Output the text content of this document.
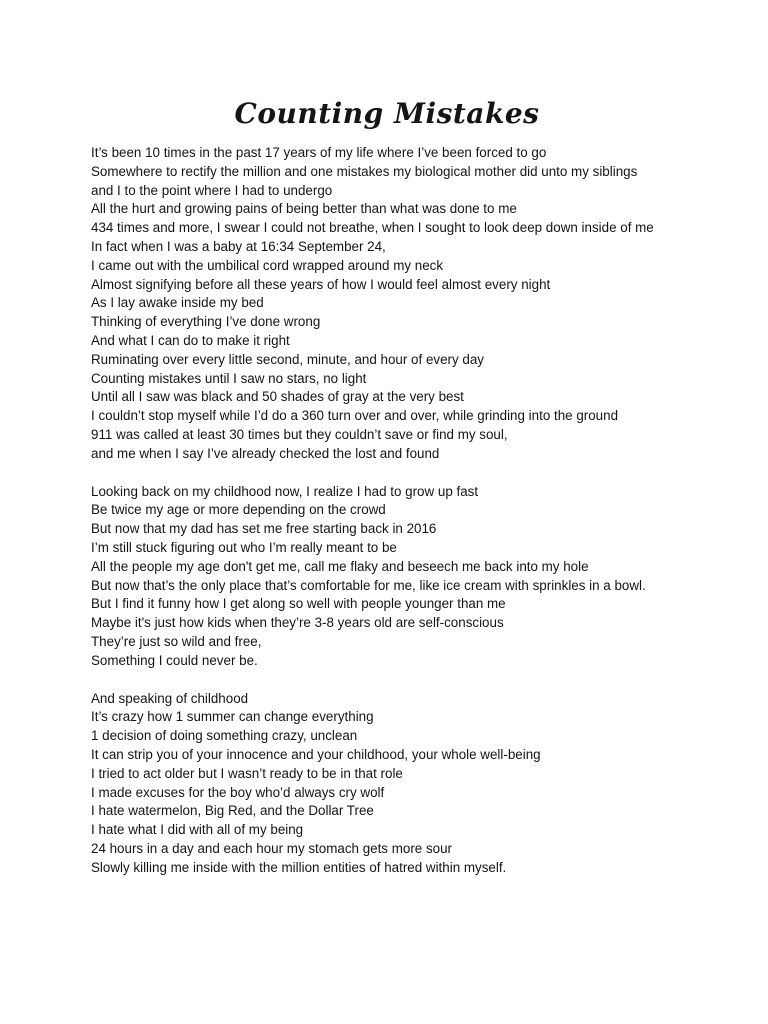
Counting Mistakes
It’s been 10 times in the past 17 years of my life where I’ve been forced to go
Somewhere to rectify the million and one mistakes my biological mother did unto my siblings
and I to the point where I had to undergo
All the hurt and growing pains of being better than what was done to me
434 times and more, I swear I could not breathe, when I sought to look deep down inside of me
In fact when I was a baby at 16:34 September 24,
I came out with the umbilical cord wrapped around my neck
Almost signifying before all these years of how I would feel almost every night
As I lay awake inside my bed
Thinking of everything I’ve done wrong
And what I can do to make it right
Ruminating over every little second, minute, and hour of every day
Counting mistakes until I saw no stars, no light
Until all I saw was black and 50 shades of gray at the very best
I couldn’t stop myself while I’d do a 360 turn over and over, while grinding into the ground
911 was called at least 30 times but they couldn’t save or find my soul,
and me when I say I’ve already checked the lost and found
Looking back on my childhood now, I realize I had to grow up fast
Be twice my age or more depending on the crowd
But now that my dad has set me free starting back in 2016
I’m still stuck figuring out who I’m really meant to be
All the people my age don't get me, call me flaky and beseech me back into my hole
But now that’s the only place that’s comfortable for me, like ice cream with sprinkles in a bowl.
But I find it funny how I get along so well with people younger than me
Maybe it's just how kids when they’re 3-8 years old are self-conscious
They’re just so wild and free,
Something I could never be.
And speaking of childhood
It’s crazy how 1 summer can change everything
1 decision of doing something crazy, unclean
It can strip you of your innocence and your childhood, your whole well-being
I tried to act older but I wasn’t ready to be in that role
I made excuses for the boy who’d always cry wolf
I hate watermelon, Big Red, and the Dollar Tree
I hate what I did with all of my being
24 hours in a day and each hour my stomach gets more sour
Slowly killing me inside with the million entities of hatred within myself.
